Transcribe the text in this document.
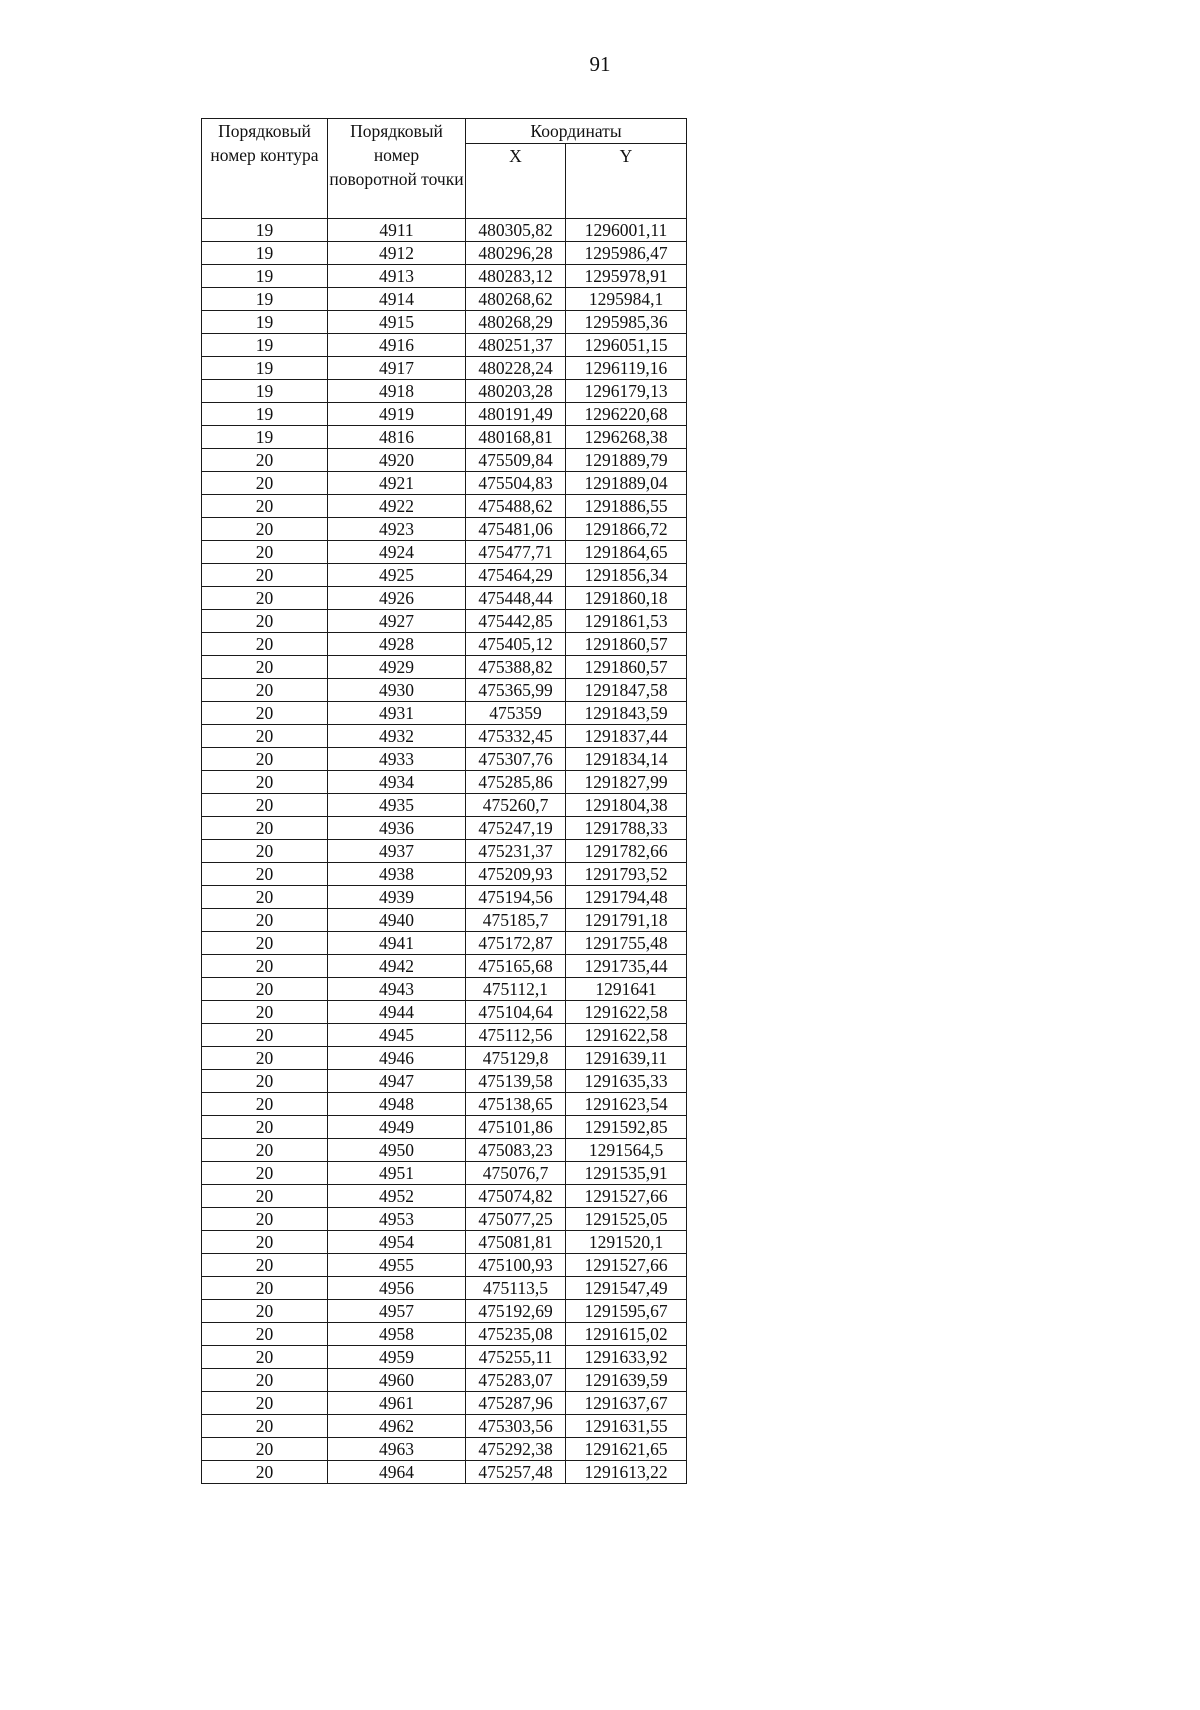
91
Порядковый номер контура	Порядковый номер поворотной точки	Координаты	
		X	Y
19	4911	480305,82	1296001,11
19	4912	480296,28	1295986,47
19	4913	480283,12	1295978,91
19	4914	480268,62	1295984,1
19	4915	480268,29	1295985,36
19	4916	480251,37	1296051,15
19	4917	480228,24	1296119,16
19	4918	480203,28	1296179,13
19	4919	480191,49	1296220,68
19	4816	480168,81	1296268,38
20	4920	475509,84	1291889,79
20	4921	475504,83	1291889,04
20	4922	475488,62	1291886,55
20	4923	475481,06	1291866,72
20	4924	475477,71	1291864,65
20	4925	475464,29	1291856,34
20	4926	475448,44	1291860,18
20	4927	475442,85	1291861,53
20	4928	475405,12	1291860,57
20	4929	475388,82	1291860,57
20	4930	475365,99	1291847,58
20	4931	475359	1291843,59
20	4932	475332,45	1291837,44
20	4933	475307,76	1291834,14
20	4934	475285,86	1291827,99
20	4935	475260,7	1291804,38
20	4936	475247,19	1291788,33
20	4937	475231,37	1291782,66
20	4938	475209,93	1291793,52
20	4939	475194,56	1291794,48
20	4940	475185,7	1291791,18
20	4941	475172,87	1291755,48
20	4942	475165,68	1291735,44
20	4943	475112,1	1291641
20	4944	475104,64	1291622,58
20	4945	475112,56	1291622,58
20	4946	475129,8	1291639,11
20	4947	475139,58	1291635,33
20	4948	475138,65	1291623,54
20	4949	475101,86	1291592,85
20	4950	475083,23	1291564,5
20	4951	475076,7	1291535,91
20	4952	475074,82	1291527,66
20	4953	475077,25	1291525,05
20	4954	475081,81	1291520,1
20	4955	475100,93	1291527,66
20	4956	475113,5	1291547,49
20	4957	475192,69	1291595,67
20	4958	475235,08	1291615,02
20	4959	475255,11	1291633,92
20	4960	475283,07	1291639,59
20	4961	475287,96	1291637,67
20	4962	475303,56	1291631,55
20	4963	475292,38	1291621,65
20	4964	475257,48	1291613,22
